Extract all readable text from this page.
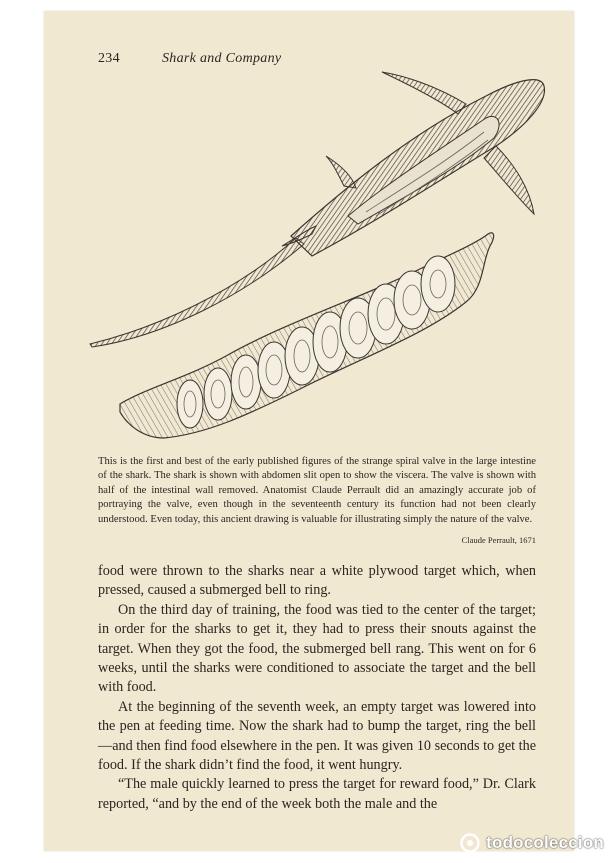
234	Shark and Company
This is the first and best of the early published figures of the strange spiral valve in the large intestine of the shark. The shark is shown with abdomen slit open to show the viscera. The valve is shown with half of the intestinal wall removed. Anatomist Claude Perrault did an amazingly accurate job of portraying the valve, even though in the seventeenth century its function had not been clearly understood. Even today, this ancient drawing is valuable for illustrating simply the nature of the valve.
Claude Perrault, 1671

food were thrown to the sharks near a white plywood target which, when pressed, caused a submerged bell to ring.

On the third day of training, the food was tied to the center of the target; in order for the sharks to get it, they had to press their snouts against the target. When they got the food, the submerged bell rang. This went on for 6 weeks, until the sharks were conditioned to associate the target and the bell with food.

At the beginning of the seventh week, an empty target was lowered into the pen at feeding time. Now the shark had to bump the target, ring the bell—and then find food elsewhere in the pen. It was given 10 seconds to get the food. If the shark didn’t find the food, it went hungry.

“The male quickly learned to press the target for reward food,” Dr. Clark reported, “and by the end of the week both the male and the

todocoleccion
